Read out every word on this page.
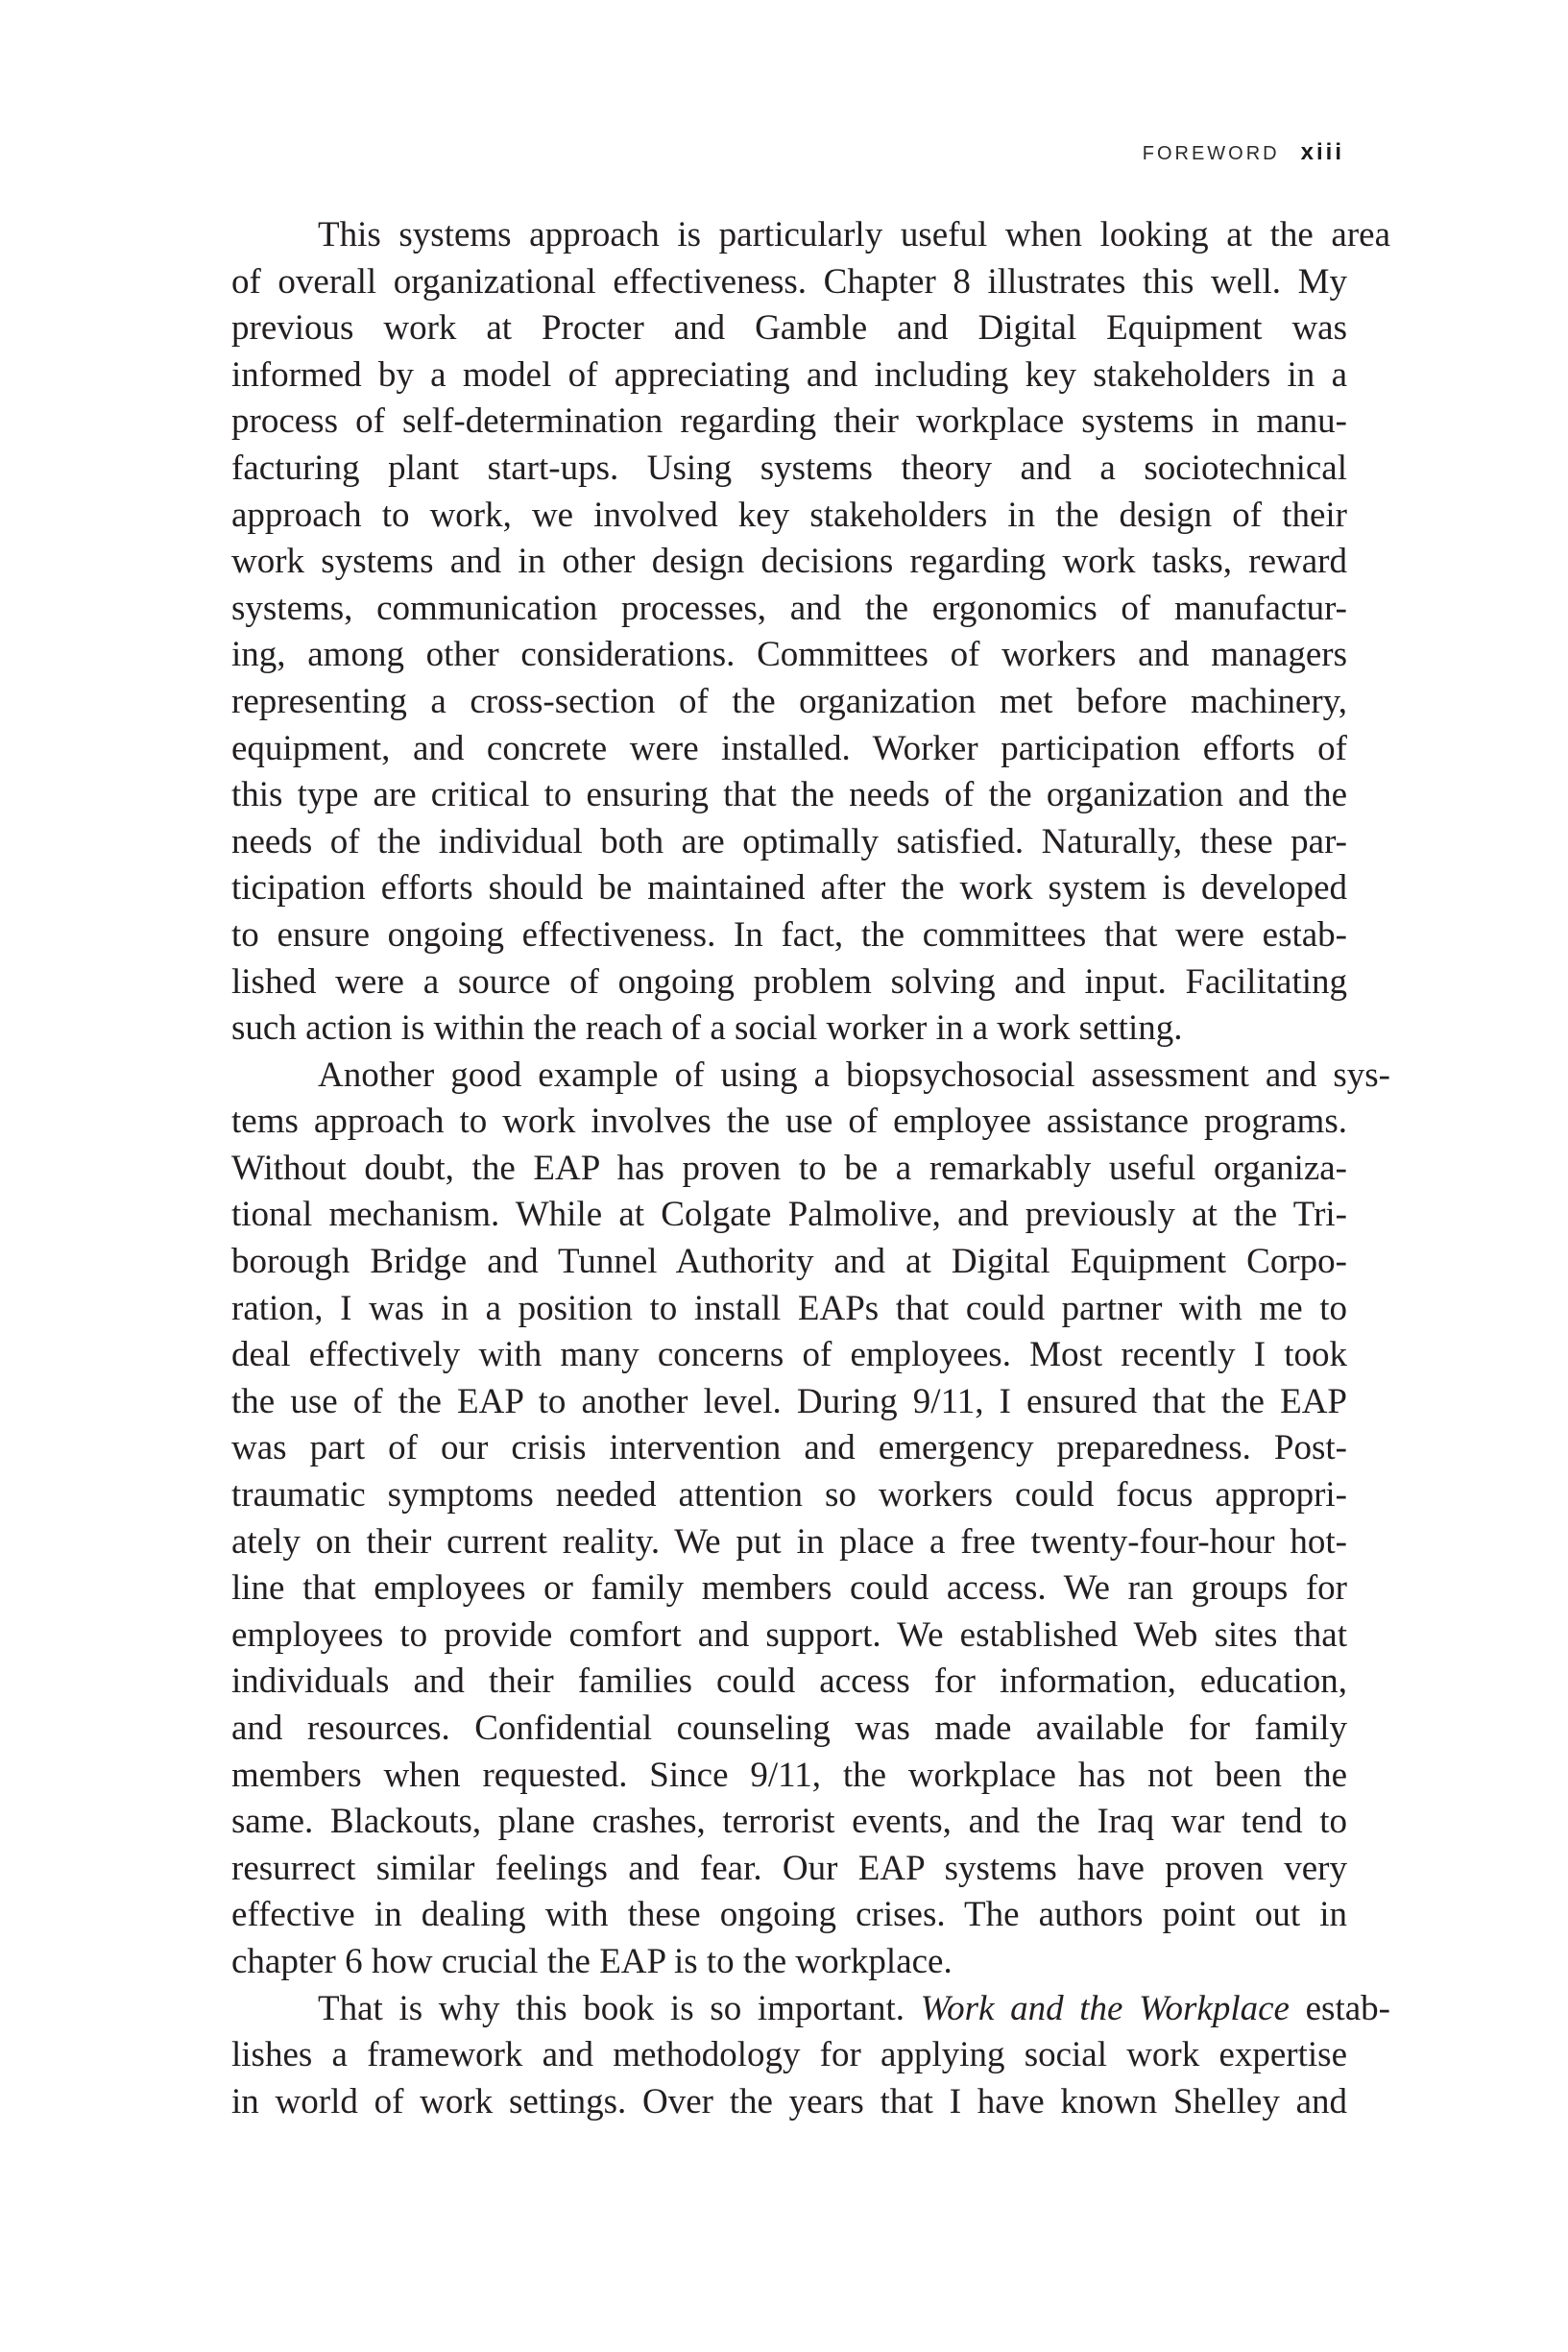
FOREWORD xiii
This systems approach is particularly useful when looking at the area
of overall organizational effectiveness. Chapter 8 illustrates this well. My
previous work at Procter and Gamble and Digital Equipment was
informed by a model of appreciating and including key stakeholders in a
process of self-determination regarding their workplace systems in manu-
facturing plant start-ups. Using systems theory and a sociotechnical
approach to work, we involved key stakeholders in the design of their
work systems and in other design decisions regarding work tasks, reward
systems, communication processes, and the ergonomics of manufactur-
ing, among other considerations. Committees of workers and managers
representing a cross-section of the organization met before machinery,
equipment, and concrete were installed. Worker participation efforts of
this type are critical to ensuring that the needs of the organization and the
needs of the individual both are optimally satisfied. Naturally, these par-
ticipation efforts should be maintained after the work system is developed
to ensure ongoing effectiveness. In fact, the committees that were estab-
lished were a source of ongoing problem solving and input. Facilitating
such action is within the reach of a social worker in a work setting.
Another good example of using a biopsychosocial assessment and sys-
tems approach to work involves the use of employee assistance programs.
Without doubt, the EAP has proven to be a remarkably useful organiza-
tional mechanism. While at Colgate Palmolive, and previously at the Tri-
borough Bridge and Tunnel Authority and at Digital Equipment Corpo-
ration, I was in a position to install EAPs that could partner with me to
deal effectively with many concerns of employees. Most recently I took
the use of the EAP to another level. During 9/11, I ensured that the EAP
was part of our crisis intervention and emergency preparedness. Post-
traumatic symptoms needed attention so workers could focus appropri-
ately on their current reality. We put in place a free twenty-four-hour hot-
line that employees or family members could access. We ran groups for
employees to provide comfort and support. We established Web sites that
individuals and their families could access for information, education,
and resources. Confidential counseling was made available for family
members when requested. Since 9/11, the workplace has not been the
same. Blackouts, plane crashes, terrorist events, and the Iraq war tend to
resurrect similar feelings and fear. Our EAP systems have proven very
effective in dealing with these ongoing crises. The authors point out in
chapter 6 how crucial the EAP is to the workplace.
That is why this book is so important. Work and the Workplace estab-
lishes a framework and methodology for applying social work expertise
in world of work settings. Over the years that I have known Shelley and
